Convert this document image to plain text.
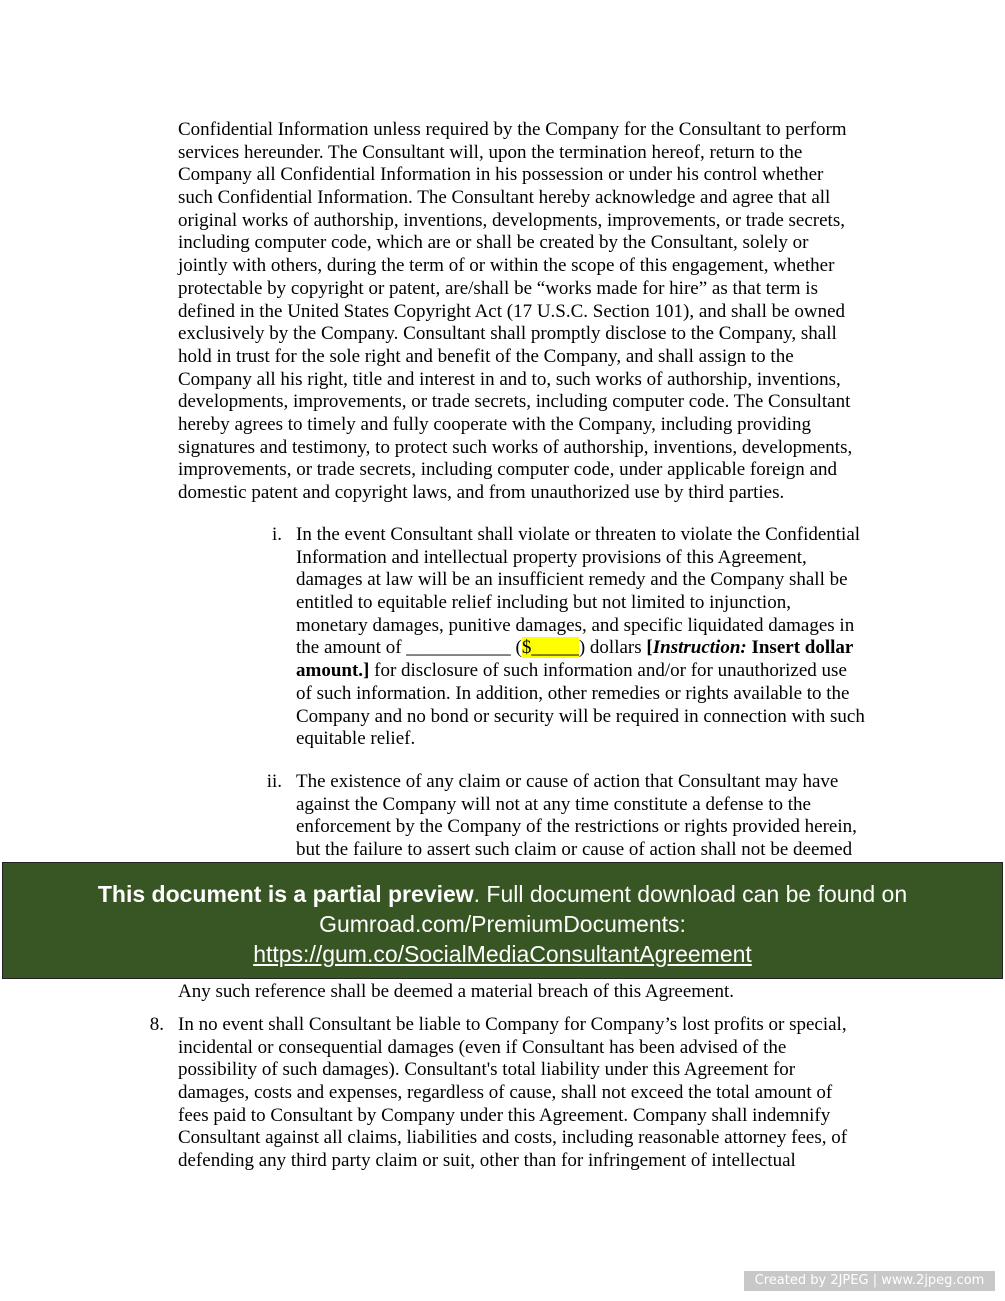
Confidential Information unless required by the Company for the Consultant to perform
services hereunder. The Consultant will, upon the termination hereof, return to the
Company all Confidential Information in his possession or under his control whether
such Confidential Information. The Consultant hereby acknowledge and agree that all
original works of authorship, inventions, developments, improvements, or trade secrets,
including computer code, which are or shall be created by the Consultant, solely or
jointly with others, during the term of or within the scope of this engagement, whether
protectable by copyright or patent, are/shall be “works made for hire” as that term is
defined in the United States Copyright Act (17 U.S.C. Section 101), and shall be owned
exclusively by the Company. Consultant shall promptly disclose to the Company, shall
hold in trust for the sole right and benefit of the Company, and shall assign to the
Company all his right, title and interest in and to, such works of authorship, inventions,
developments, improvements, or trade secrets, including computer code. The Consultant
hereby agrees to timely and fully cooperate with the Company, including providing
signatures and testimony, to protect such works of authorship, inventions, developments,
improvements, or trade secrets, including computer code, under applicable foreign and
domestic patent and copyright laws, and from unauthorized use by third parties.
i. In the event Consultant shall violate or threaten to violate the Confidential
Information and intellectual property provisions of this Agreement,
damages at law will be an insufficient remedy and the Company shall be
entitled to equitable relief including but not limited to injunction,
monetary damages, punitive damages, and specific liquidated damages in
the amount of ___________ ($_____) dollars [Instruction: Insert dollar
amount.] for disclosure of such information and/or for unauthorized use
of such information. In addition, other remedies or rights available to the
Company and no bond or security will be required in connection with such
equitable relief.
ii. The existence of any claim or cause of action that Consultant may have
against the Company will not at any time constitute a defense to the
enforcement by the Company of the restrictions or rights provided herein,
but the failure to assert such claim or cause of action shall not be deemed
Any such reference shall be deemed a material breach of this Agreement.
8. In no event shall Consultant be liable to Company for Company’s lost profits or special,
incidental or consequential damages (even if Consultant has been advised of the
possibility of such damages). Consultant's total liability under this Agreement for
damages, costs and expenses, regardless of cause, shall not exceed the total amount of
fees paid to Consultant by Company under this Agreement. Company shall indemnify
Consultant against all claims, liabilities and costs, including reasonable attorney fees, of
defending any third party claim or suit, other than for infringement of intellectual
This document is a partial preview. Full document download can be found on
Gumroad.com/PremiumDocuments:
https://gum.co/SocialMediaConsultantAgreement
Created by 2JPEG | www.2jpeg.com
